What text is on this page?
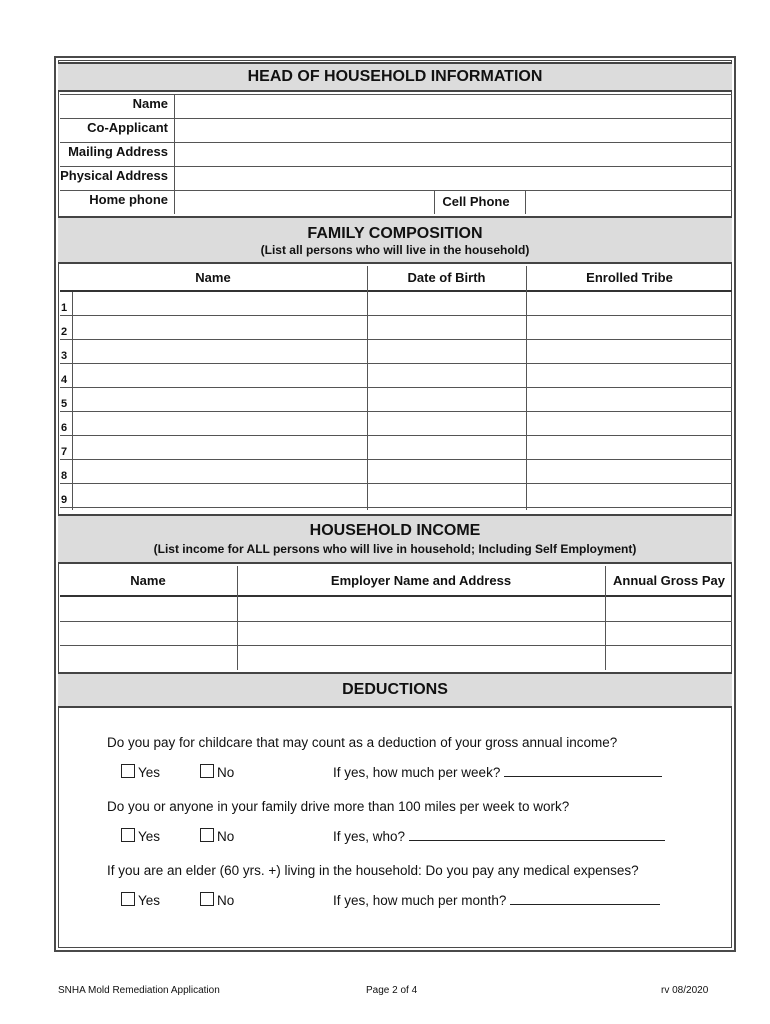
HEAD OF HOUSEHOLD INFORMATION
Name
Co-Applicant
Mailing Address
Physical Address
Home phone	Cell Phone
FAMILY COMPOSITION
(List all persons who will live in the household)
Name	Date of Birth	Enrolled Tribe
1
2
3
4
5
6
7
8
9
HOUSEHOLD INCOME
(List income for ALL persons who will live in household; Including Self Employment)
Name	Employer Name and Address	Annual Gross Pay
DEDUCTIONS
Do you pay for childcare that may count as a deduction of your gross annual income?
Yes	No	If yes, how much per week?
Do you or anyone in your family drive more than 100 miles per week to work?
Yes	No	If yes, who?
If you are an elder (60 yrs. +) living in the household: Do you pay any medical expenses?
Yes	No	If yes, how much per month?
SNHA Mold Remediation Application	Page 2 of 4	rv 08/2020
